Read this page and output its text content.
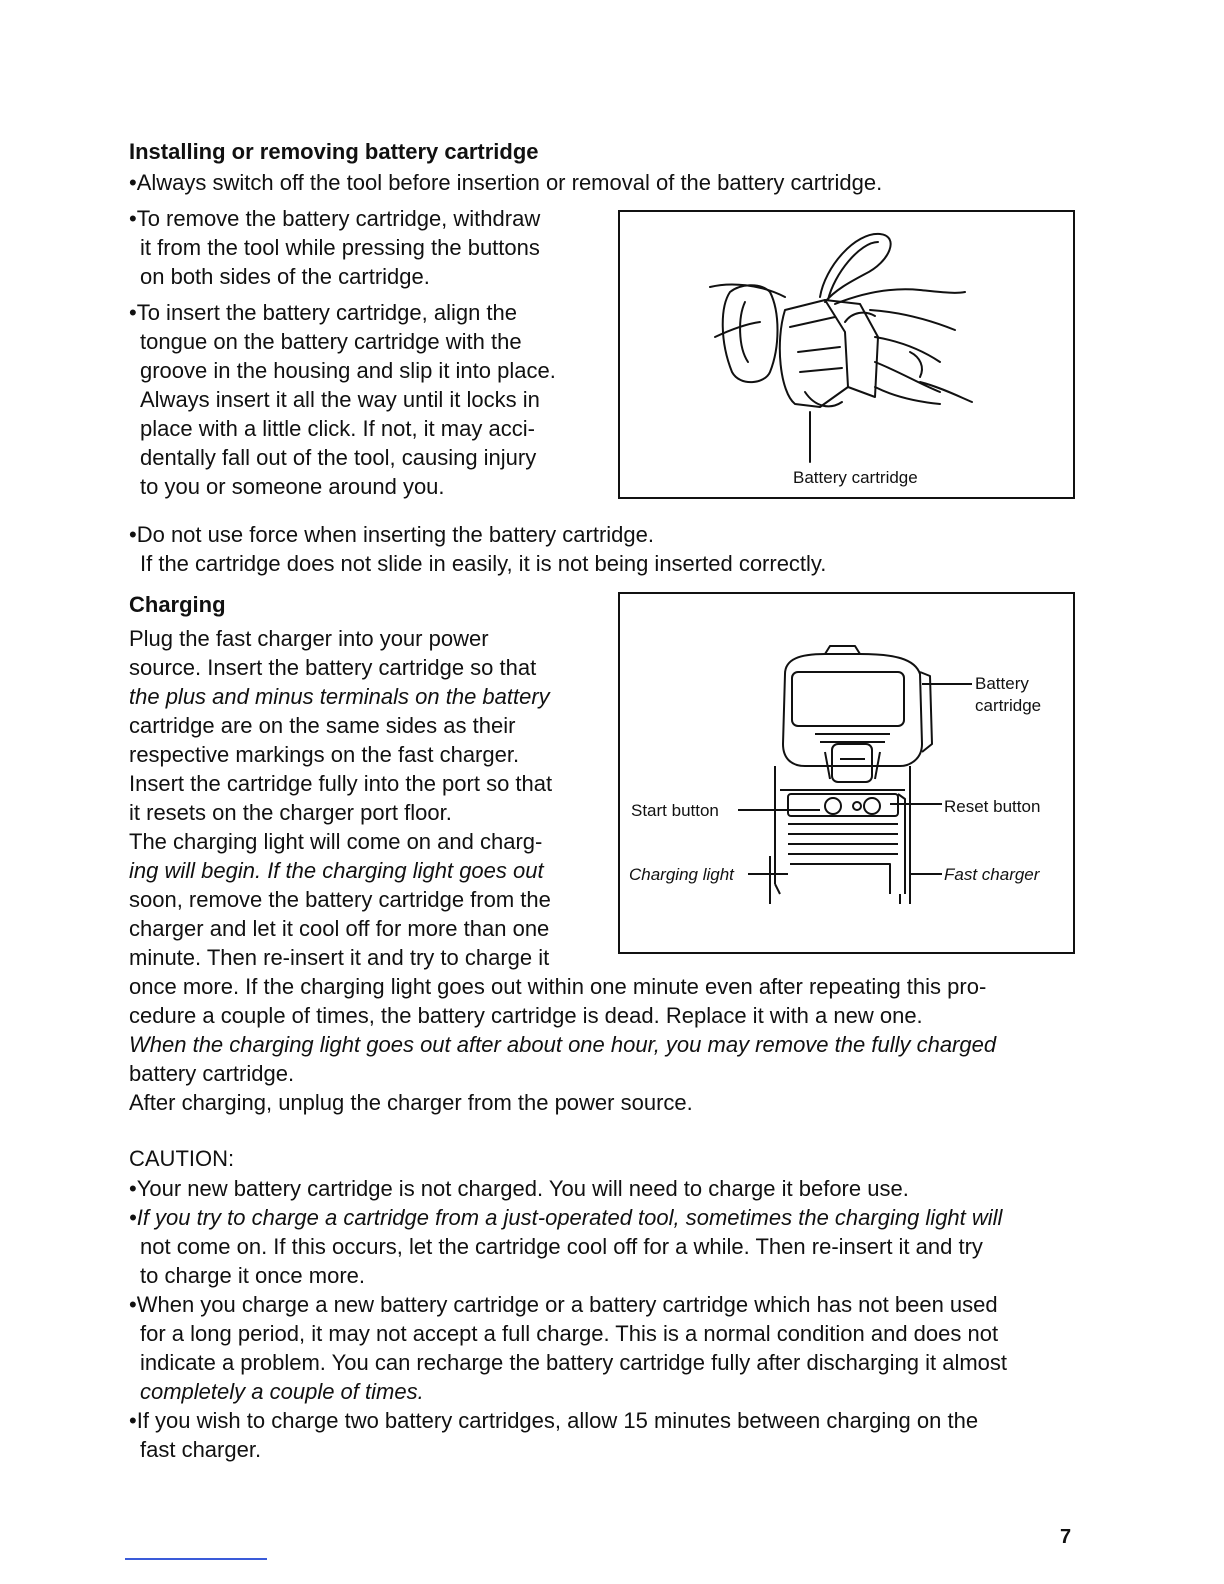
Installing or removing battery cartridge
•Always switch off the tool before insertion or removal of the battery cartridge.
•To remove the battery cartridge, withdraw
it from the tool while pressing the buttons
on both sides of the cartridge.
•To insert the battery cartridge, align the
tongue on the battery cartridge with the
groove in the housing and slip it into place.
Always insert it all the way until it locks in
place with a little click. If not, it may acci-
dentally fall out of the tool, causing injury
to you or someone around you.	Battery cartridge
•Do not use force when inserting the battery cartridge.
If the cartridge does not slide in easily, it is not being inserted correctly.
Charging
Plug the fast charger into your power
source. Insert the battery cartridge so that
the plus and minus terminals on the battery
cartridge are on the same sides as their
respective markings on the fast charger.
Insert the cartridge fully into the port so that
it resets on the charger port floor.
The charging light will come on and charg-
ing will begin. If the charging light goes out
soon, remove the battery cartridge from the
charger and let it cool off for more than one
minute. Then re-insert it and try to charge it
Battery
cartridge
Start button	Reset button
Charging light	Fast charger
once more. If the charging light goes out within one minute even after repeating this pro-
cedure a couple of times, the battery cartridge is dead. Replace it with a new one.
When the charging light goes out after about one hour, you may remove the fully charged
battery cartridge.
After charging, unplug the charger from the power source.
CAUTION:
•Your new battery cartridge is not charged. You will need to charge it before use.
•If you try to charge a cartridge from a just-operated tool, sometimes the charging light will
not come on. If this occurs, let the cartridge cool off for a while. Then re-insert it and try
to charge it once more.
•When you charge a new battery cartridge or a battery cartridge which has not been used
for a long period, it may not accept a full charge. This is a normal condition and does not
indicate a problem. You can recharge the battery cartridge fully after discharging it almost
completely a couple of times.
•If you wish to charge two battery cartridges, allow 15 minutes between charging on the
fast charger.
7
